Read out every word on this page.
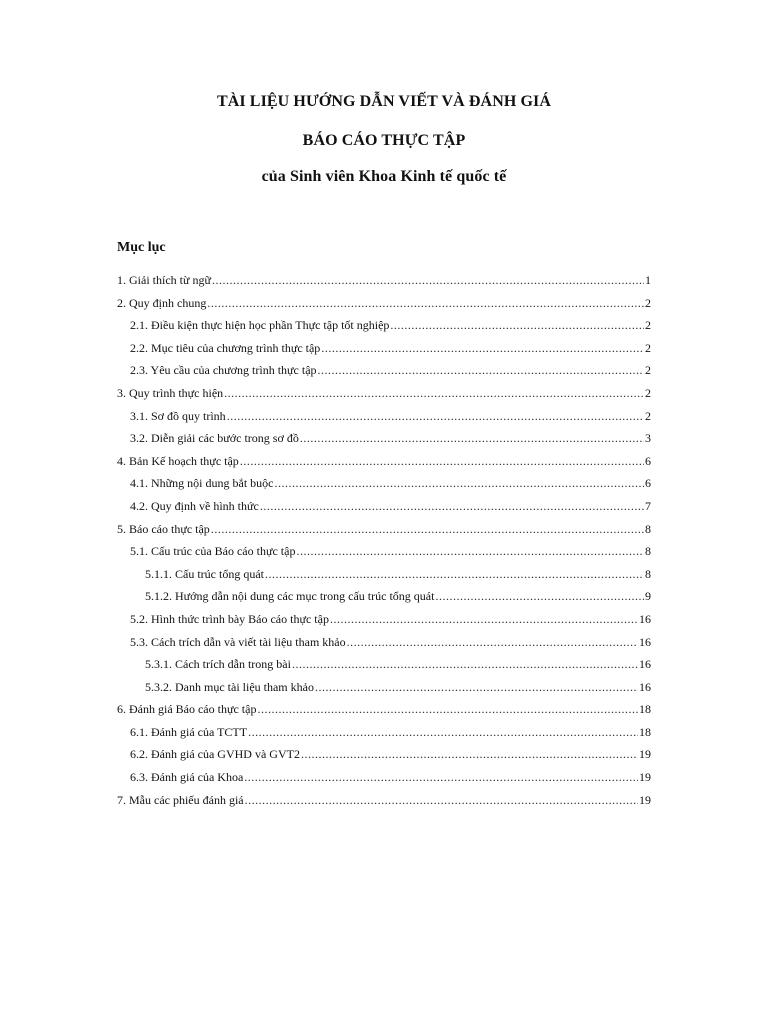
TÀI LIỆU HƯỚNG DẪN VIẾT VÀ ĐÁNH GIÁ
BÁO CÁO THỰC TẬP
của Sinh viên Khoa Kinh tế quốc tế
Mục lục
1. Giải thích từ ngữ .....	1
2. Quy định chung .....	2
2.1. Điều kiện thực hiện học phần Thực tập tốt nghiệp .....	2
2.2. Mục tiêu của chương trình thực tập .....	2
2.3. Yêu cầu của chương trình thực tập .....	2
3. Quy trình thực hiện .....	2
3.1. Sơ đồ quy trình .....	2
3.2. Diễn giải các bước trong sơ đồ .....	3
4. Bản Kế hoạch thực tập .....	6
4.1. Những nội dung bắt buộc .....	6
4.2. Quy định về hình thức .....	7
5. Báo cáo thực tập .....	8
5.1. Cấu trúc của Báo cáo thực tập .....	8
5.1.1. Cấu trúc tổng quát .....	8
5.1.2. Hướng dẫn nội dung các mục trong cấu trúc tổng quát .....	9
5.2. Hình thức trình bày Báo cáo thực tập .....	16
5.3. Cách trích dẫn và viết tài liệu tham khảo .....	16
5.3.1. Cách trích dẫn trong bài .....	16
5.3.2. Danh mục tài liệu tham khảo .....	16
6. Đánh giá Báo cáo thực tập .....	18
6.1. Đánh giá của TCTT .....	18
6.2. Đánh giá của GVHD và GVT2 .....	19
6.3. Đánh giá của Khoa .....	19
7. Mẫu các phiếu đánh giá .....	19
